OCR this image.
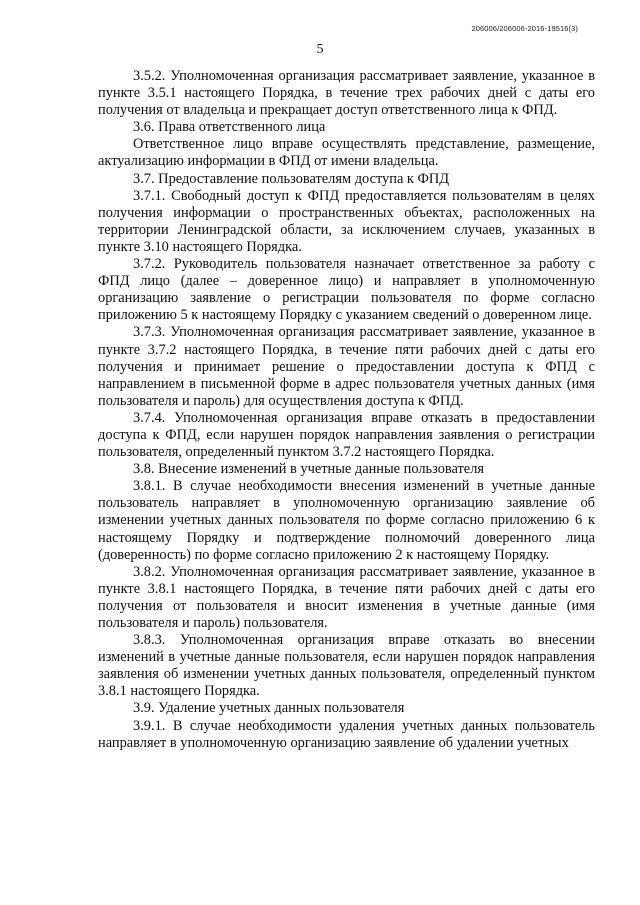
206006/206006-2016-19516(3)
5

3.5.2. Уполномоченная организация рассматривает заявление, указанное в пункте 3.5.1 настоящего Порядка, в течение трех рабочих дней с даты его получения от владельца и прекращает доступ ответственного лица к ФПД.

3.6. Права ответственного лица

Ответственное лицо вправе осуществлять представление, размещение, актуализацию информации в ФПД от имени владельца.

3.7. Предоставление пользователям доступа к ФПД

3.7.1. Свободный доступ к ФПД предоставляется пользователям в целях получения информации о пространственных объектах, расположенных на территории Ленинградской области, за исключением случаев, указанных в пункте 3.10 настоящего Порядка.

3.7.2. Руководитель пользователя назначает ответственное за работу с ФПД лицо (далее – доверенное лицо) и направляет в уполномоченную организацию заявление о регистрации пользователя по форме согласно приложению 5 к настоящему Порядку с указанием сведений о доверенном лице.

3.7.3. Уполномоченная организация рассматривает заявление, указанное в пункте 3.7.2 настоящего Порядка, в течение пяти рабочих дней с даты его получения и принимает решение о предоставлении доступа к ФПД с направлением в письменной форме в адрес пользователя учетных данных (имя пользователя и пароль) для осуществления доступа к ФПД.

3.7.4. Уполномоченная организация вправе отказать в предоставлении доступа к ФПД, если нарушен порядок направления заявления о регистрации пользователя, определенный пунктом 3.7.2 настоящего Порядка.

3.8. Внесение изменений в учетные данные пользователя

3.8.1. В случае необходимости внесения изменений в учетные данные пользователь направляет в уполномоченную организацию заявление об изменении учетных данных пользователя по форме согласно приложению 6 к настоящему Порядку и подтверждение полномочий доверенного лица (доверенность) по форме согласно приложению 2 к настоящему Порядку.

3.8.2. Уполномоченная организация рассматривает заявление, указанное в пункте 3.8.1 настоящего Порядка, в течение пяти рабочих дней с даты его получения от пользователя и вносит изменения в учетные данные (имя пользователя и пароль) пользователя.

3.8.3. Уполномоченная организация вправе отказать во внесении изменений в учетные данные пользователя, если нарушен порядок направления заявления об изменении учетных данных пользователя, определенный пунктом 3.8.1 настоящего Порядка.

3.9. Удаление учетных данных пользователя

3.9.1. В случае необходимости удаления учетных данных пользователь направляет в уполномоченную организацию заявление об удалении учетных
